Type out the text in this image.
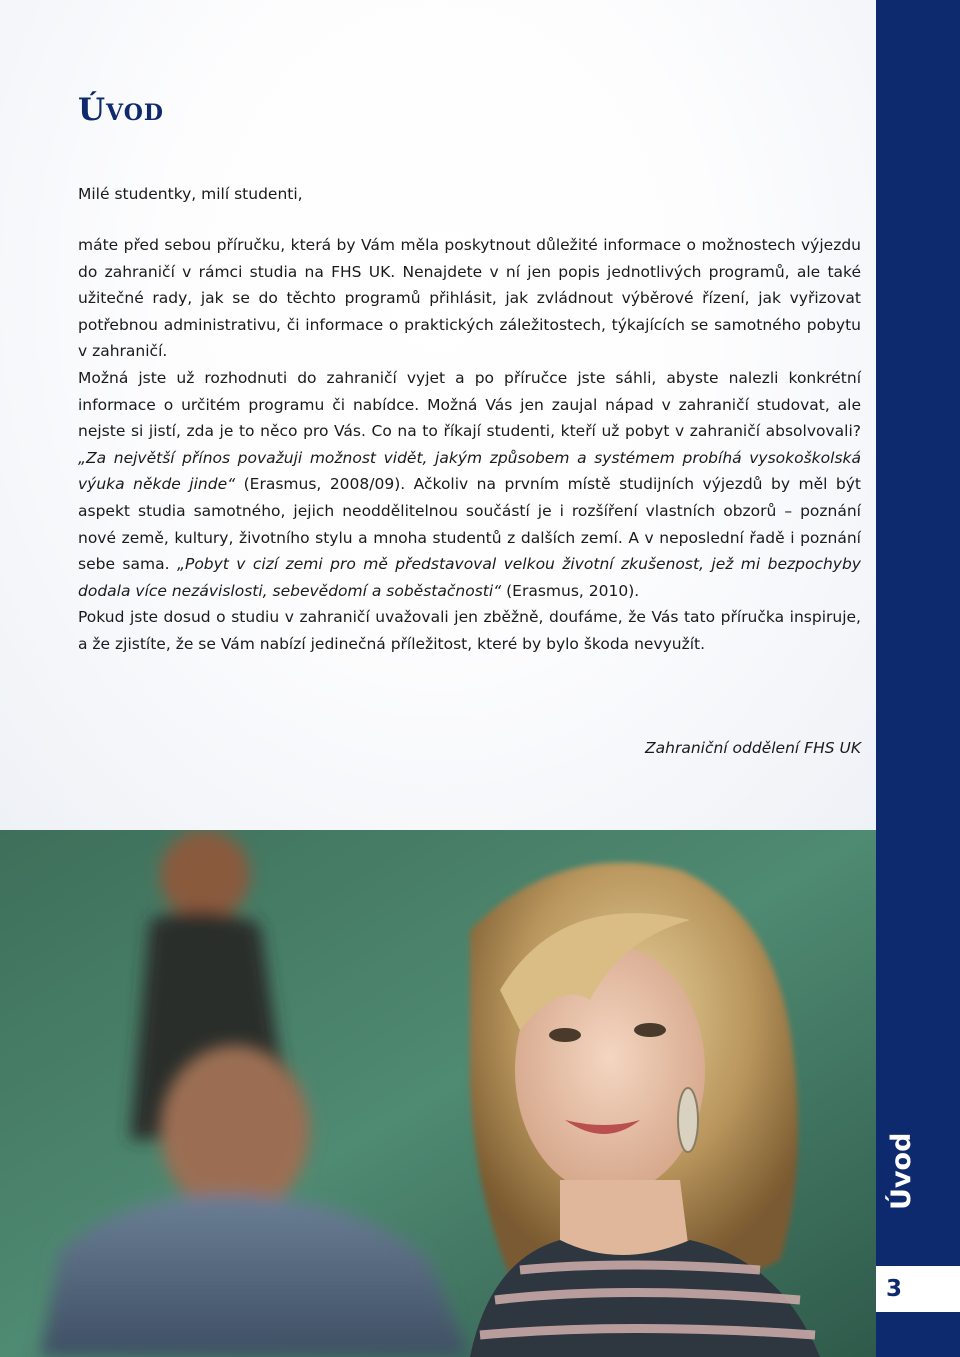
Úvod
Milé studentky, milí studenti,

máte před sebou příručku, která by Vám měla poskytnout důležité informace o možnostech výjezdu do zahraničí v rámci studia na FHS UK. Nenajdete v ní jen popis jednotlivých programů, ale také užitečné rady, jak se do těchto programů přihlásit, jak zvládnout výběrové řízení, jak vyřizovat potřebnou administrativu, či informace o praktických záležitostech, týkajících se samotného pobytu v zahraničí.

Možná jste už rozhodnuti do zahraničí vyjet a po příručce jste sáhli, abyste nalezli konkrétní informace o určitém programu či nabídce. Možná Vás jen zaujal nápad v zahraničí studovat, ale nejste si jistí, zda je to něco pro Vás. Co na to říkají studenti, kteří už pobyt v zahraničí absolvovali? „Za největší přínos považuji možnost vidět, jakým způsobem a systémem probíhá vysokoškolská výuka někde jinde“ (Erasmus, 2008/09). Ačkoliv na prvním místě studijních výjezdů by měl být aspekt studia samotného, jejich neoddělitelnou součástí je i rozšíření vlastních obzorů – poznání nové země, kultury, životního stylu a mnoha studentů z dalších zemí. A v neposlední řadě i poznání sebe sama. „Pobyt v cizí zemi pro mě představoval velkou životní zkušenost, jež mi bezpochyby dodala více nezávislosti, sebevědomí a soběstačnosti“ (Erasmus, 2010).

Pokud jste dosud o studiu v zahraničí uvažovali jen zběžně, doufáme, že Vás tato příručka inspiruje, a že zjistíte, že se Vám nabízí jedinečná příležitost, které by bylo škoda nevyužít.

Zahraniční oddělení FHS UK
Úvod
3
